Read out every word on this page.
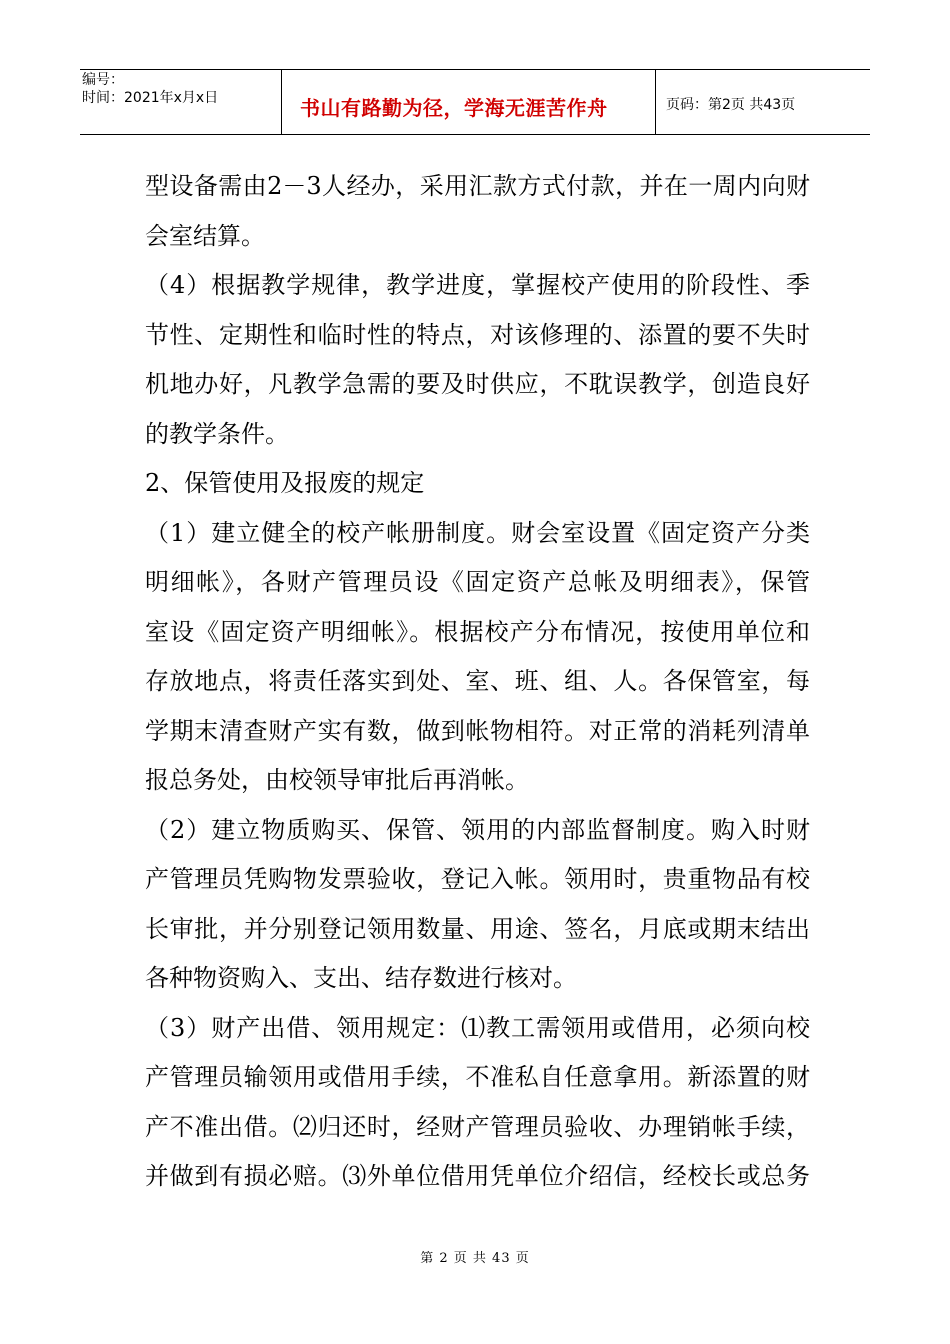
编号：
时间：2021年x月x日	书山有路勤为径，学海无涯苦作舟	页码：第2页 共43页
型设备需由2－3人经办，采用汇款方式付款，并在一周内向财
会室结算。
（4）根据教学规律，教学进度，掌握校产使用的阶段性、季
节性、定期性和临时性的特点，对该修理的、添置的要不失时
机地办好，凡教学急需的要及时供应，不耽误教学，创造良好
的教学条件。
2、保管使用及报废的规定
（1）建立健全的校产帐册制度。财会室设置《固定资产分类
明细帐》，各财产管理员设《固定资产总帐及明细表》，保管
室设《固定资产明细帐》。根据校产分布情况，按使用单位和
存放地点，将责任落实到处、室、班、组、人。各保管室，每
学期末清查财产实有数，做到帐物相符。对正常的消耗列清单
报总务处，由校领导审批后再消帐。
（2）建立物质购买、保管、领用的内部监督制度。购入时财
产管理员凭购物发票验收，登记入帐。领用时，贵重物品有校
长审批，并分别登记领用数量、用途、签名，月底或期末结出
各种物资购入、支出、结存数进行核对。
（3）财产出借、领用规定：⑴教工需领用或借用，必须向校
产管理员输领用或借用手续，不准私自任意拿用。新添置的财
产不准出借。⑵归还时，经财产管理员验收、办理销帐手续，
并做到有损必赔。⑶外单位借用凭单位介绍信，经校长或总务
第 2 页 共 43 页
